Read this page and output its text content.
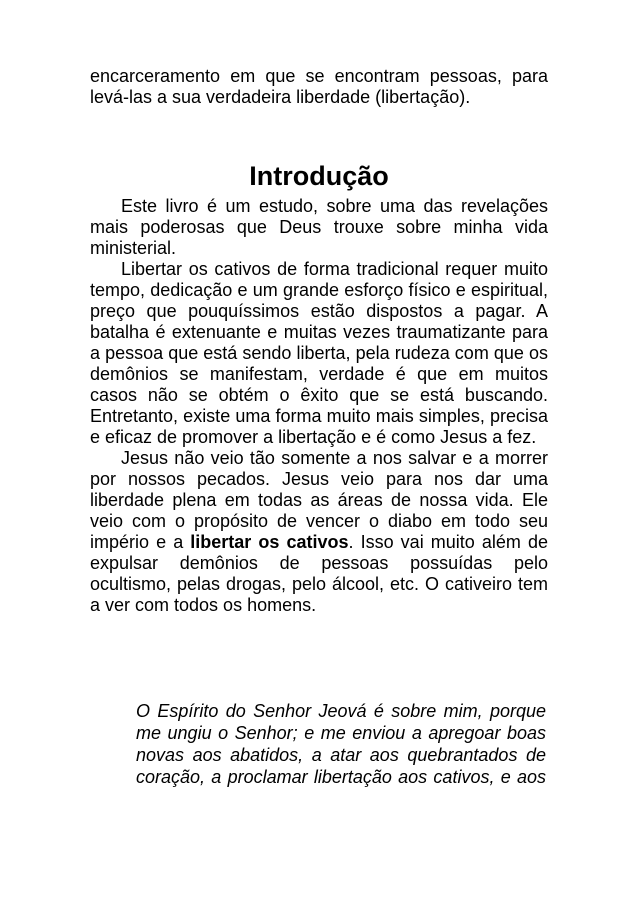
encarceramento em que se encontram pessoas, para levá-las a sua verdadeira liberdade (libertação).

Introdução

Este livro é um estudo, sobre uma das revelações mais poderosas que Deus trouxe sobre minha vida ministerial.

Libertar os cativos de forma tradicional requer muito tempo, dedicação e um grande esforço físico e espiritual, preço que pouquíssimos estão dispostos a pagar. A batalha é extenuante e muitas vezes traumatizante para a pessoa que está sendo liberta, pela rudeza com que os demônios se manifestam, verdade é que em muitos casos não se obtém o êxito que se está buscando. Entretanto, existe uma forma muito mais simples, precisa e eficaz de promover a libertação e é como Jesus a fez.

Jesus não veio tão somente a nos salvar e a morrer por nossos pecados. Jesus veio para nos dar uma liberdade plena em todas as áreas de nossa vida. Ele veio com o propósito de vencer o diabo em todo seu império e a libertar os cativos. Isso vai muito além de expulsar demônios de pessoas possuídas pelo ocultismo, pelas drogas, pelo álcool, etc. O cativeiro tem a ver com todos os homens.

O Espírito do Senhor Jeová é sobre mim, porque me ungiu o Senhor; e me enviou a apregoar boas novas aos abatidos, a atar aos quebrantados de coração, a proclamar libertação aos cativos, e aos
